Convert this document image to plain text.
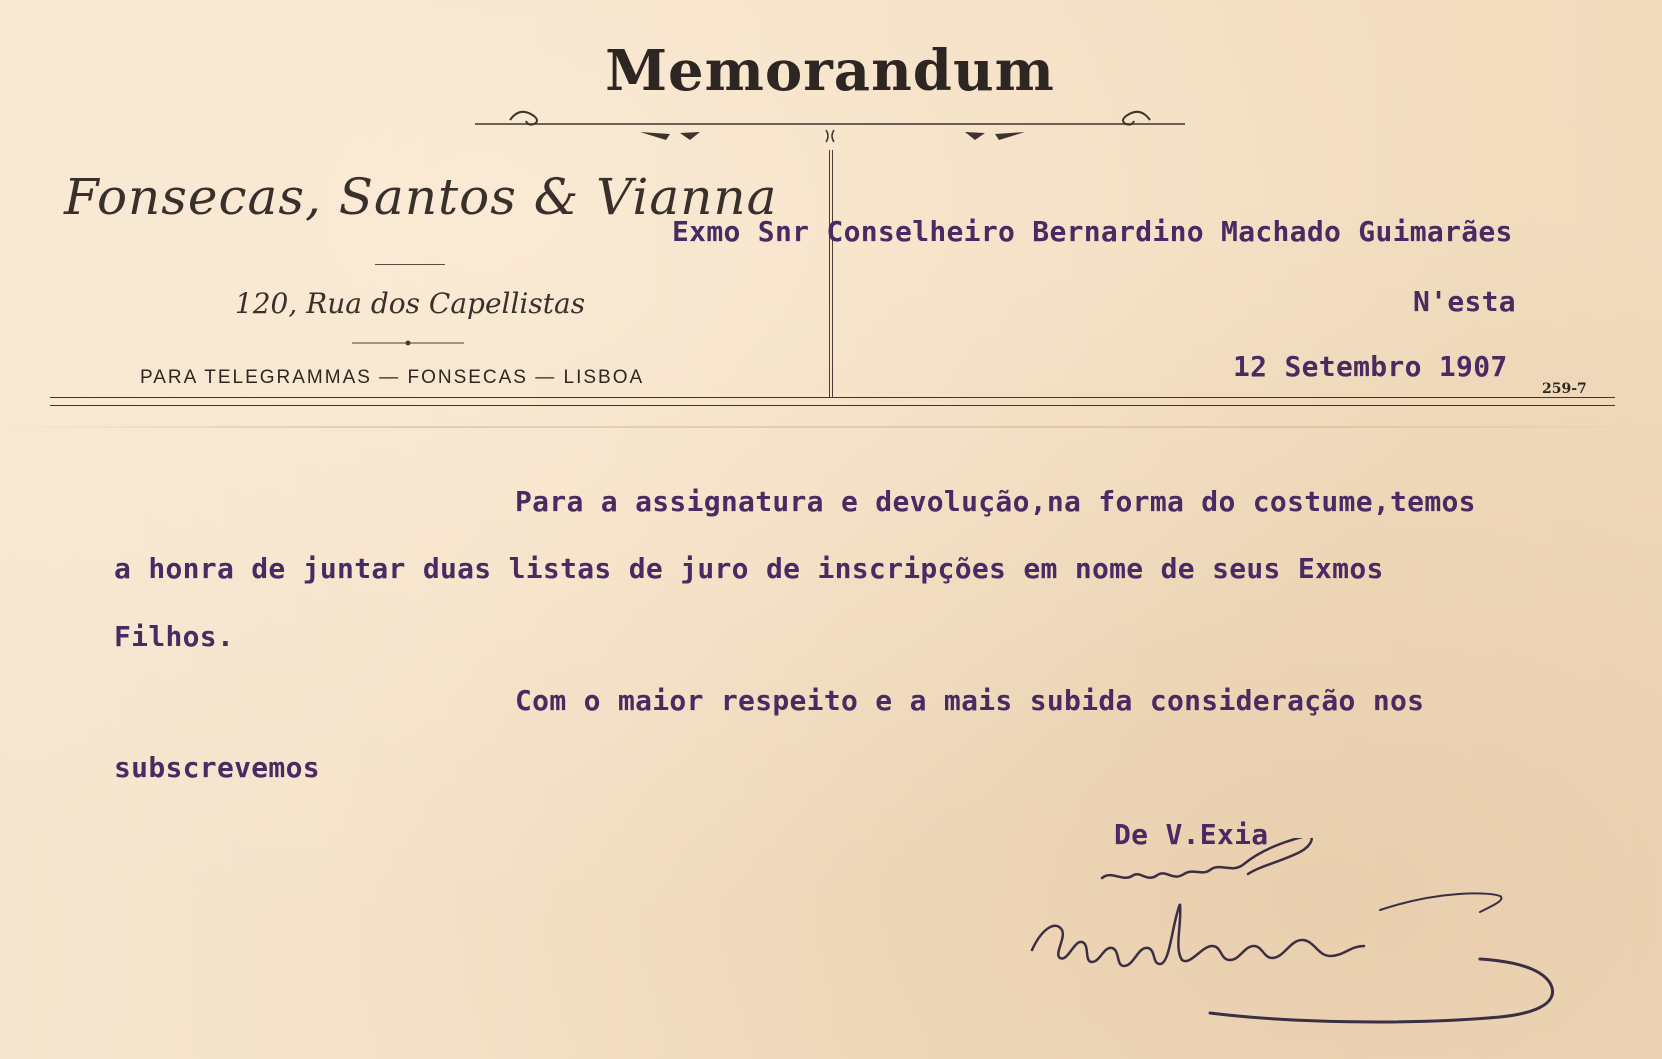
Memorandum
Fonsecas, Santos & Vianna
120, Rua dos Capellistas
PARA TELEGRAMMAS — FONSECAS — LISBOA
Exmo Snr Conselheiro Bernardino Machado Guimarães
N'esta
12 Setembro 1907
259-7
Para a assignatura e devolução,na forma do costume,temos
a honra de juntar duas listas de juro de inscripções em nome de seus Exmos
Filhos.
Com o maior respeito e a mais subida consideração nos
subscrevemos
De V.Exia
